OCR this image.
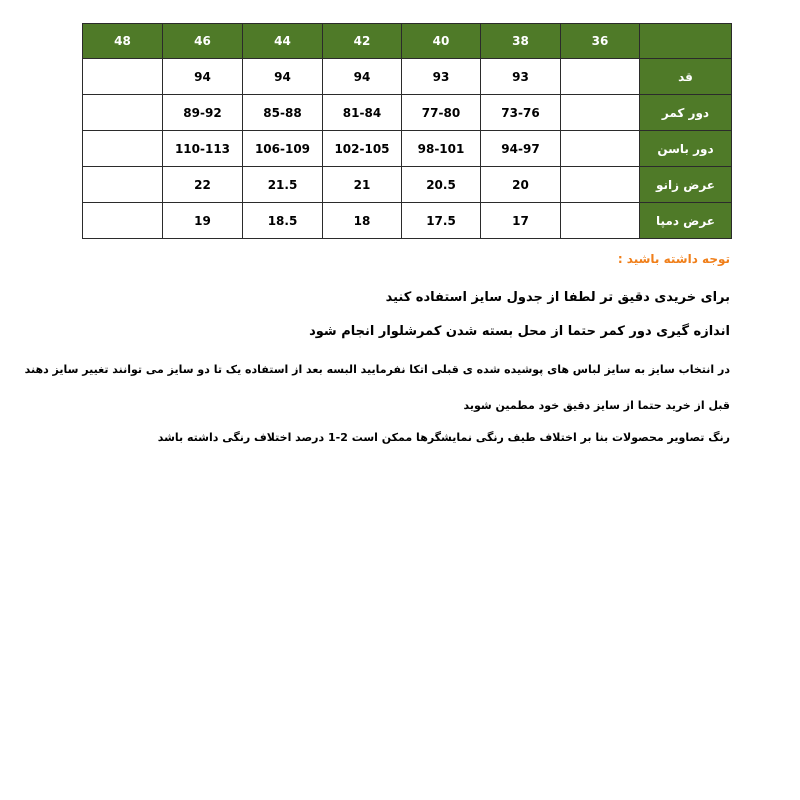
48	46	44	42	40	38	36	
	94	94	94	93	93		قد
	89-92	85-88	81-84	77-80	73-76		دور کمر
	110-113	106-109	102-105	98-101	94-97		دور باسن
	22	21.5	21	20.5	20		عرض زانو
	19	18.5	18	17.5	17		عرض دمپا
توجه داشته باشید :
برای خریدی دقیق تر لطفا از جدول سایز استفاده کنید
اندازه گیری دور کمر حتما از محل بسته شدن کمرشلوار انجام شود
در انتخاب سایز به سایز لباس های پوشیده شده ی قبلی اتکا نفرمایید البسه بعد از استفاده یک تا دو سایز می توانند تغییر سایز دهند
قبل از خرید حتما از سایز دقیق خود مطمین شوید
رنگ تصاویر محصولات بنا بر اختلاف طیف رنگی نمایشگرها ممکن است 2-1 درصد اختلاف رنگی داشته باشد
